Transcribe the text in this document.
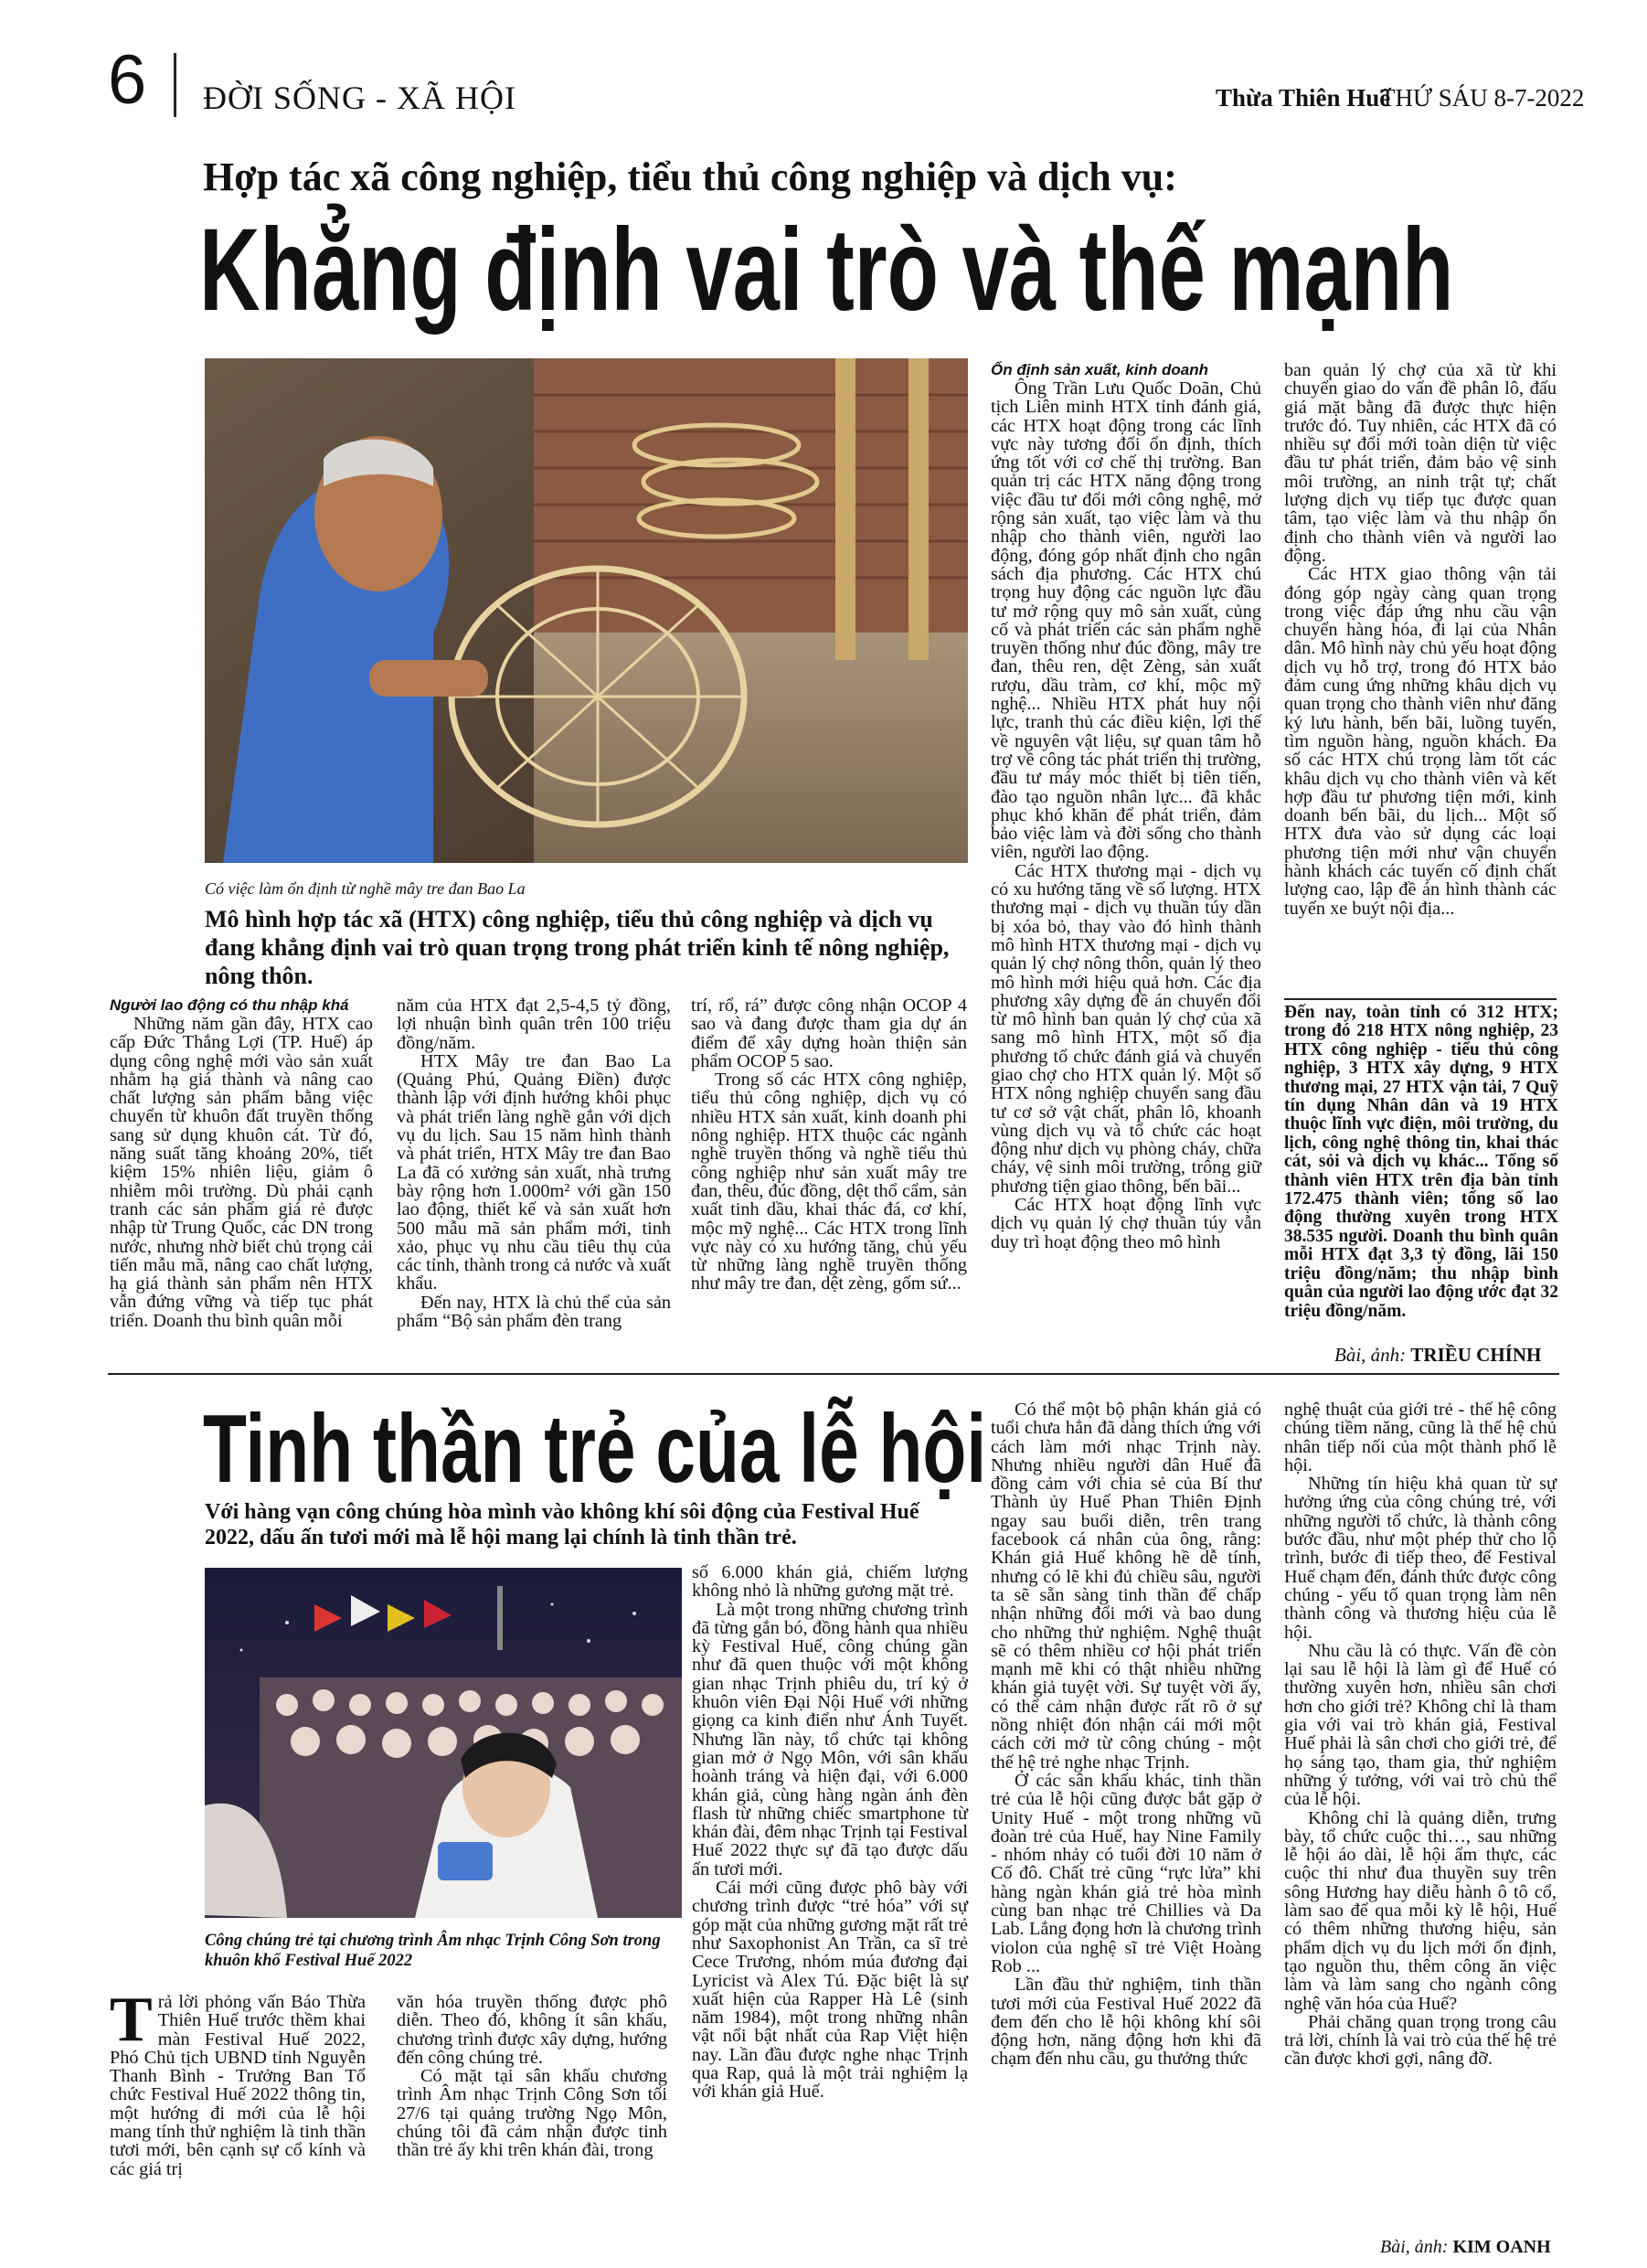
6 ĐỜI SỐNG - XÃ HỘI	Thừa Thiên Huế
THỨ SÁU 8-7-2022
Hợp tác xã công nghiệp, tiểu thủ công nghiệp và dịch vụ:
Khẳng định vai trò và thế mạnh
Có việc làm ổn định từ nghề mây tre đan Bao La
Mô hình hợp tác xã (HTX) công nghiệp, tiểu thủ công nghiệp và dịch vụ đang khẳng định vai trò quan trọng trong phát triển kinh tế nông nghiệp, nông thôn.

Người lao động có thu nhập khá

Những năm gần đây, HTX cao cấp Đức Thắng Lợi (TP. Huế) áp dụng công nghệ mới vào sản xuất nhằm hạ giá thành và nâng cao chất lượng sản phẩm bằng việc chuyển từ khuôn đất truyền thống sang sử dụng khuôn cát. Từ đó, năng suất tăng khoảng 20%, tiết kiệm 15% nhiên liệu, giảm ô nhiễm môi trường. Dù phải cạnh tranh các sản phẩm giá rẻ được nhập từ Trung Quốc, các DN trong nước, nhưng nhờ biết chủ trọng cải tiến mẫu mã, nâng cao chất lượng, hạ giá thành sản phẩm nên HTX vẫn đứng vững và tiếp tục phát triển. Doanh thu bình quân mỗi

năm của HTX đạt 2,5-4,5 tỷ đồng, lợi nhuận bình quân trên 100 triệu đồng/năm.

HTX Mây tre đan Bao La (Quảng Phú, Quảng Điền) được thành lập với định hướng khôi phục và phát triển làng nghề gắn với dịch vụ du lịch. Sau 15 năm hình thành và phát triển, HTX Mây tre đan Bao La đã có xưởng sản xuất, nhà trưng bày rộng hơn 1.000m² với gần 150 lao động, thiết kế và sản xuất hơn 500 mẫu mã sản phẩm mới, tinh xảo, phục vụ nhu cầu tiêu thụ của các tỉnh, thành trong cả nước và xuất khẩu.

Đến nay, HTX là chủ thể của sản phẩm “Bộ sản phẩm đèn trang

trí, rổ, rá” được công nhận OCOP 4 sao và đang được tham gia dự án điểm để xây dựng hoàn thiện sản phẩm OCOP 5 sao.

Trong số các HTX công nghiệp, tiểu thủ công nghiệp, dịch vụ có nhiều HTX sản xuất, kinh doanh phi nông nghiệp. HTX thuộc các ngành nghề truyền thống và nghề tiểu thủ công nghiệp như sản xuất mây tre đan, thêu, đúc đồng, dệt thổ cẩm, sản xuất tinh dầu, khai thác đá, cơ khí, mộc mỹ nghệ... Các HTX trong lĩnh vực này có xu hướng tăng, chủ yếu từ những làng nghề truyền thống như mây tre đan, dệt zèng, gốm sứ...

Ổn định sản xuất, kinh doanh

Ông Trần Lưu Quốc Doãn, Chủ tịch Liên minh HTX tỉnh đánh giá, các HTX hoạt động trong các lĩnh vực này tương đối ổn định, thích ứng tốt với cơ chế thị trường. Ban quản trị các HTX năng động trong việc đầu tư đổi mới công nghệ, mở rộng sản xuất, tạo việc làm và thu nhập cho thành viên, người lao động, đóng góp nhất định cho ngân sách địa phương. Các HTX chú trọng huy động các nguồn lực đầu tư mở rộng quy mô sản xuất, củng cố và phát triển các sản phẩm nghề truyền thống như đúc đồng, mây tre đan, thêu ren, dệt Zèng, sản xuất rượu, dầu tràm, cơ khí, mộc mỹ nghệ... Nhiều HTX phát huy nội lực, tranh thủ các điều kiện, lợi thế về nguyên vật liệu, sự quan tâm hỗ trợ về công tác phát triển thị trường, đầu tư máy móc thiết bị tiên tiến, đào tạo nguồn nhân lực... đã khắc phục khó khăn để phát triển, đảm bảo việc làm và đời sống cho thành viên, người lao động.

Các HTX thương mại - dịch vụ có xu hướng tăng về số lượng. HTX thương mại - dịch vụ thuần túy dần bị xóa bỏ, thay vào đó hình thành mô hình HTX thương mại - dịch vụ quản lý chợ nông thôn, quản lý theo mô hình mới hiệu quả hơn. Các địa phương xây dựng đề án chuyển đổi từ mô hình ban quản lý chợ của xã sang mô hình HTX, một số địa phương tổ chức đánh giá và chuyển giao chợ cho HTX quản lý. Một số HTX nông nghiệp chuyển sang đầu tư cơ sở vật chất, phân lô, khoanh vùng dịch vụ và tổ chức các hoạt động như dịch vụ phòng cháy, chữa cháy, vệ sinh môi trường, trông giữ phương tiện giao thông, bến bãi...

Các HTX hoạt động lĩnh vực dịch vụ quản lý chợ thuần túy vẫn duy trì hoạt động theo mô hình

ban quản lý chợ của xã từ khi chuyển giao do vấn đề phân lô, đấu giá mặt bằng đã được thực hiện trước đó. Tuy nhiên, các HTX đã có nhiều sự đổi mới toàn diện từ việc đầu tư phát triển, đảm bảo vệ sinh môi trường, an ninh trật tự; chất lượng dịch vụ tiếp tục được quan tâm, tạo việc làm và thu nhập ổn định cho thành viên và người lao động.

Các HTX giao thông vận tải đóng góp ngày càng quan trọng trong việc đáp ứng nhu cầu vận chuyển hàng hóa, đi lại của Nhân dân. Mô hình này chủ yếu hoạt động dịch vụ hỗ trợ, trong đó HTX bảo đảm cung ứng những khâu dịch vụ quan trọng cho thành viên như đăng ký lưu hành, bến bãi, luồng tuyến, tìm nguồn hàng, nguồn khách. Đa số các HTX chú trọng làm tốt các khâu dịch vụ cho thành viên và kết hợp đầu tư phương tiện mới, kinh doanh bến bãi, du lịch... Một số HTX đưa vào sử dụng các loại phương tiện mới như vận chuyển hành khách các tuyến cố định chất lượng cao, lập đề án hình thành các tuyến xe buýt nội địa...

Đến nay, toàn tỉnh có 312 HTX; trong đó 218 HTX nông nghiệp, 23 HTX công nghiệp - tiểu thủ công nghiệp, 3 HTX xây dựng, 9 HTX thương mại, 27 HTX vận tải, 7 Quỹ tín dụng Nhân dân và 19 HTX thuộc lĩnh vực điện, môi trường, du lịch, công nghệ thông tin, khai thác cát, sỏi và dịch vụ khác... Tổng số thành viên HTX trên địa bàn tỉnh 172.475 thành viên; tổng số lao động thường xuyên trong HTX 38.535 người. Doanh thu bình quân mỗi HTX đạt 3,3 tỷ đồng, lãi 150 triệu đồng/năm; thu nhập bình quân của người lao động ước đạt 32 triệu đồng/năm.
Bài, ảnh: TRIỀU CHÍNH
Tinh thần trẻ của lễ hội
Với hàng vạn công chúng hòa mình vào không khí sôi động của Festival Huế 2022, dấu ấn tươi mới mà lễ hội mang lại chính là tinh thần trẻ.
Công chúng trẻ tại chương trình Âm nhạc Trịnh Công Sơn trong khuôn khổ Festival Huế 2022

T rả lời phỏng vấn Báo Thừa Thiên Huế trước thềm khai màn Festival Huế 2022, Phó Chủ tịch UBND tỉnh Nguyễn Thanh Bình - Trưởng Ban Tổ chức Festival Huế 2022 thông tin, một hướng đi mới của lễ hội mang tính thử nghiệm là tinh thần tươi mới, bên cạnh sự cổ kính và các giá trị

văn hóa truyền thống được phô diễn. Theo đó, không ít sân khấu, chương trình được xây dựng, hướng đến công chúng trẻ.

Có mặt tại sân khấu chương trình Âm nhạc Trịnh Công Sơn tối 27/6 tại quảng trường Ngọ Môn, chúng tôi đã cảm nhận được tinh thần trẻ ấy khi trên khán đài, trong

số 6.000 khán giả, chiếm lượng không nhỏ là những gương mặt trẻ.

Là một trong những chương trình đã từng gắn bó, đồng hành qua nhiều kỳ Festival Huế, công chúng gần như đã quen thuộc với một không gian nhạc Trịnh phiêu du, trí kỷ ở khuôn viên Đại Nội Huế với những giọng ca kinh điển như Ánh Tuyết. Nhưng lần này, tổ chức tại không gian mở ở Ngọ Môn, với sân khấu hoành tráng và hiện đại, với 6.000 khán giả, cùng hàng ngàn ánh đèn flash từ những chiếc smartphone từ khán đài, đêm nhạc Trịnh tại Festival Huế 2022 thực sự đã tạo được dấu ấn tươi mới.

Cái mới cũng được phô bày với chương trình được “trẻ hóa” với sự góp mặt của những gương mặt rất trẻ như Saxophonist An Trần, ca sĩ trẻ Cece Trương, nhóm múa đương đại Lyricist và Alex Tú. Đặc biệt là sự xuất hiện của Rapper Hà Lê (sinh năm 1984), một trong những nhân vật nổi bật nhất của Rap Việt hiện nay. Lần đầu được nghe nhạc Trịnh qua Rap, quả là một trải nghiệm lạ với khán giả Huế.

Có thể một bộ phận khán giả có tuổi chưa hẳn đã dàng thích ứng với cách làm mới nhạc Trịnh này. Nhưng nhiều người dân Huế đã đồng cảm với chia sẻ của Bí thư Thành ủy Huế Phan Thiên Định ngay sau buổi diễn, trên trang facebook cá nhân của ông, rằng: Khán giả Huế không hề dễ tính, nhưng có lẽ khi đủ chiều sâu, người ta sẽ sẵn sàng tinh thần để chấp nhận những đổi mới và bao dung cho những thử nghiệm. Nghệ thuật sẽ có thêm nhiều cơ hội phát triển mạnh mẽ khi có thật nhiều những khán giả tuyệt vời. Sự tuyệt vời ấy, có thể cảm nhận được rất rõ ở sự nồng nhiệt đón nhận cái mới một cách cởi mở từ công chúng - một thế hệ trẻ nghe nhạc Trịnh.

Ở các sân khấu khác, tinh thần trẻ của lễ hội cũng được bắt gặp ở Unity Huế - một trong những vũ đoàn trẻ của Huế, hay Nine Family - nhóm nhảy có tuổi đời 10 năm ở Cố đô. Chất trẻ cũng “rực lửa” khi hàng ngàn khán giả trẻ hòa mình cùng ban nhạc trẻ Chillies và Da Lab. Lắng đọng hơn là chương trình violon của nghệ sĩ trẻ Việt Hoàng Rob ...

Lần đầu thử nghiệm, tinh thần tươi mới của Festival Huế 2022 đã đem đến cho lễ hội không khí sôi động hơn, năng động hơn khi đã chạm đến nhu cầu, gu thưởng thức

nghệ thuật của giới trẻ - thế hệ công chúng tiềm năng, cũng là thế hệ chủ nhân tiếp nối của một thành phố lễ hội.

Những tín hiệu khả quan từ sự hưởng ứng của công chúng trẻ, với những người tổ chức, là thành công bước đầu, như một phép thử cho lộ trình, bước đi tiếp theo, để Festival Huế chạm đến, đánh thức được công chúng - yếu tố quan trọng làm nên thành công và thương hiệu của lễ hội.

Nhu cầu là có thực. Vấn đề còn lại sau lễ hội là làm gì để Huế có thường xuyên hơn, nhiều sân chơi hơn cho giới trẻ? Không chỉ là tham gia với vai trò khán giả, Festival Huế phải là sân chơi cho giới trẻ, để họ sáng tạo, tham gia, thử nghiệm những ý tưởng, với vai trò chủ thể của lễ hội.

Không chỉ là quảng diễn, trưng bày, tổ chức cuộc thi…, sau những lễ hội áo dài, lễ hội ẩm thực, các cuộc thi như đua thuyền suy trên sông Hương hay diễu hành ô tô cổ, làm sao để qua mỗi kỳ lễ hội, Huế có thêm những thương hiệu, sản phẩm dịch vụ du lịch mới ổn định, tạo nguồn thu, thêm công ăn việc làm và làm sang cho ngành công nghệ văn hóa của Huế?

Phải chăng quan trọng trong câu trả lời, chính là vai trò của thế hệ trẻ cần được khơi gợi, nâng đỡ.

Bài, ảnh: KIM OANH
